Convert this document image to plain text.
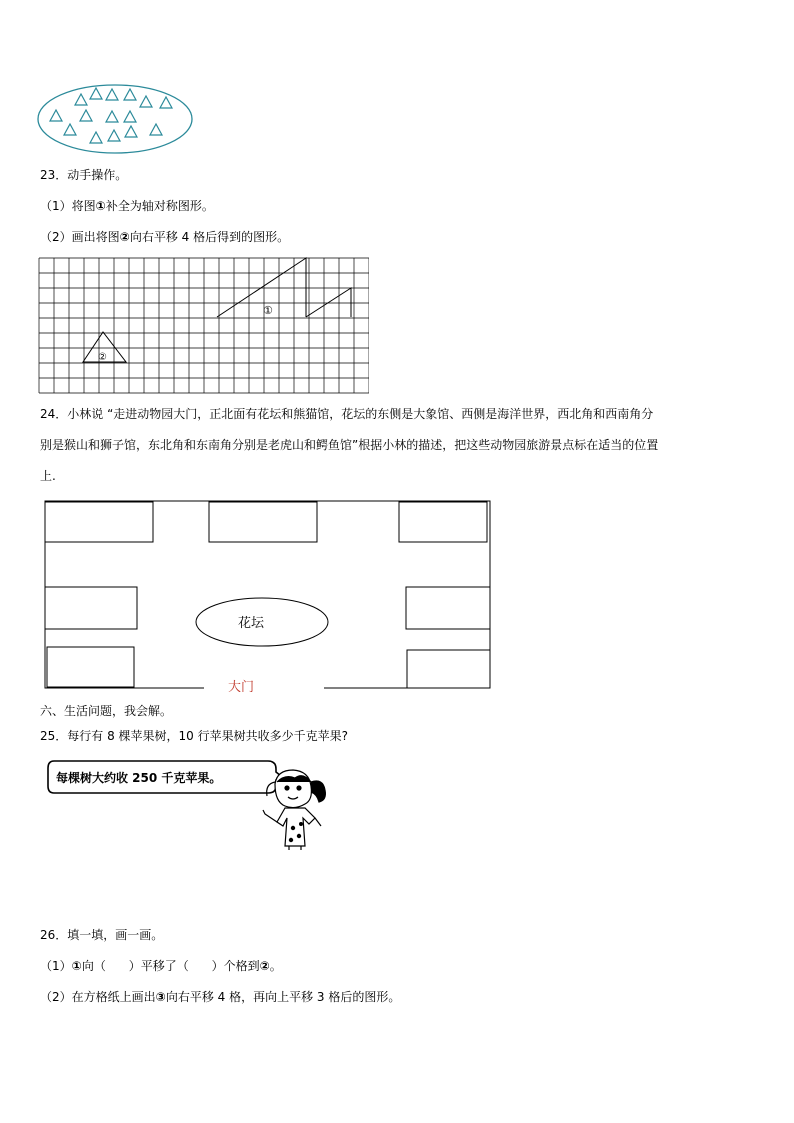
23．动手操作。
（1）将图①补全为轴对称图形。
（2）画出将图②向右平移 4 格后得到的图形。
①
②
24．小林说 “走进动物园大门，正北面有花坛和熊猫馆，花坛的东侧是大象馆、西侧是海洋世界，西北角和西南角分
别是猴山和狮子馆，东北角和东南角分别是老虎山和鳄鱼馆”根据小林的描述，把这些动物园旅游景点标在适当的位置
上.
花坛
大门
六、生活问题，我会解。
25．每行有 8 棵苹果树，10 行苹果树共收多少千克苹果?
每棵树大约收 250 千克苹果。
26．填一填，画一画。
（1）①向（      ）平移了（      ）个格到②。
（2）在方格纸上画出③向右平移 4 格，再向上平移 3 格后的图形。
